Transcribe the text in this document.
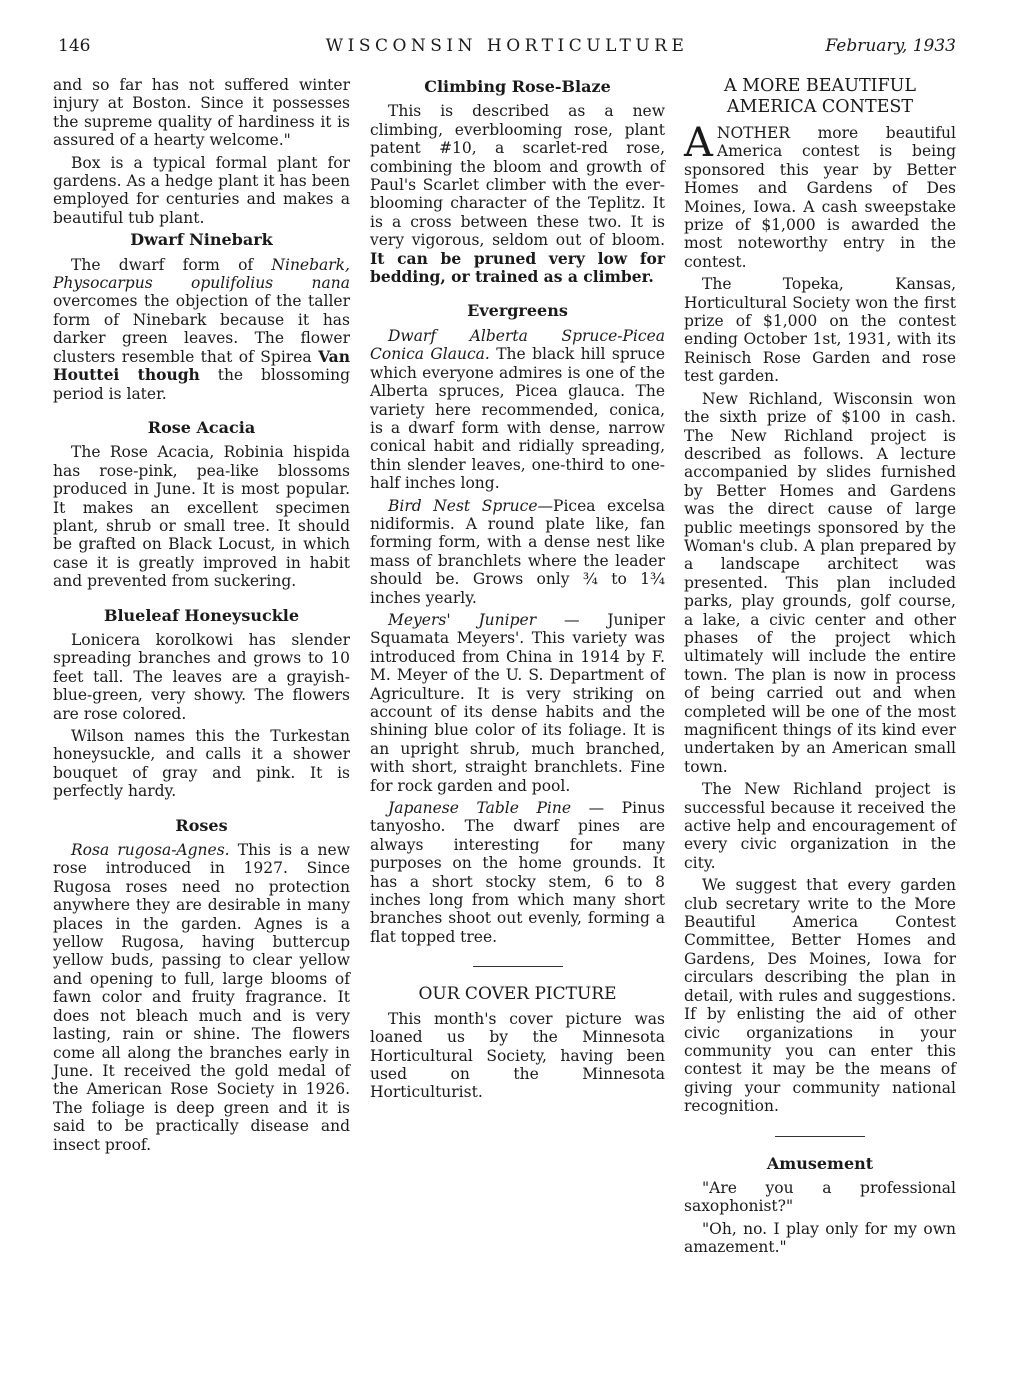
146	WISCONSIN HORTICULTURE	February, 1933

and so far has not suffered winter injury at Boston. Since it possesses the supreme quality of hardiness it is assured of a hearty welcome."

Box is a typical formal plant for gardens. As a hedge plant it has been employed for centuries and makes a beautiful tub plant.

Dwarf Ninebark

The dwarf form of Ninebark, Physocarpus opulifolius nana overcomes the objection of the taller form of Ninebark because it has darker green leaves. The flower clusters resemble that of Spirea Van Houttei though the blossoming period is later.

Rose Acacia

The Rose Acacia, Robinia hispida has rose-pink, pea-like blossoms produced in June. It is most popular. It makes an excellent specimen plant, shrub or small tree. It should be grafted on Black Locust, in which case it is greatly improved in habit and prevented from suckering.

Blueleaf Honeysuckle

Lonicera korolkowi has slender spreading branches and grows to 10 feet tall. The leaves are a grayish-blue-green, very showy. The flowers are rose colored.

Wilson names this the Turkestan honeysuckle, and calls it a shower bouquet of gray and pink. It is perfectly hardy.

Roses

Rosa rugosa-Agnes. This is a new rose introduced in 1927. Since Rugosa roses need no protection anywhere they are desirable in many places in the garden. Agnes is a yellow Rugosa, having buttercup yellow buds, passing to clear yellow and opening to full, large blooms of fawn color and fruity fragrance. It does not bleach much and is very lasting, rain or shine. The flowers come all along the branches early in June. It received the gold medal of the American Rose Society in 1926. The foliage is deep green and it is said to be practically disease and insect proof.

Climbing Rose-Blaze

This is described as a new climbing, everblooming rose, plant patent #10, a scarlet-red rose, combining the bloom and growth of Paul's Scarlet climber with the ever-blooming character of the Teplitz. It is a cross between these two. It is very vigorous, seldom out of bloom. It can be pruned very low for bedding, or trained as a climber.

Evergreens

Dwarf Alberta Spruce-Picea Conica Glauca. The black hill spruce which everyone admires is one of the Alberta spruces, Picea glauca. The variety here recommended, conica, is a dwarf form with dense, narrow conical habit and ridially spreading, thin slender leaves, one-third to one-half inches long.

Bird Nest Spruce—Picea excelsa nidiformis. A round plate like, fan forming form, with a dense nest like mass of branchlets where the leader should be. Grows only ¾ to 1¾ inches yearly.

Meyers' Juniper — Juniper Squamata Meyers'. This variety was introduced from China in 1914 by F. M. Meyer of the U. S. Department of Agriculture. It is very striking on account of its dense habits and the shining blue color of its foliage. It is an upright shrub, much branched, with short, straight branchlets. Fine for rock garden and pool.

Japanese Table Pine — Pinus tanyosho. The dwarf pines are always interesting for many purposes on the home grounds. It has a short stocky stem, 6 to 8 inches long from which many short branches shoot out evenly, forming a flat topped tree.

OUR COVER PICTURE

This month's cover picture was loaned us by the Minnesota Horticultural Society, having been used on the Minnesota Horticulturist.

A MORE BEAUTIFUL
AMERICA CONTEST

ANOTHER more beautiful America contest is being sponsored this year by Better Homes and Gardens of Des Moines, Iowa. A cash sweepstake prize of $1,000 is awarded the most noteworthy entry in the contest.

The Topeka, Kansas, Horticultural Society won the first prize of $1,000 on the contest ending October 1st, 1931, with its Reinisch Rose Garden and rose test garden.

New Richland, Wisconsin won the sixth prize of $100 in cash. The New Richland project is described as follows. A lecture accompanied by slides furnished by Better Homes and Gardens was the direct cause of large public meetings sponsored by the Woman's club. A plan prepared by a landscape architect was presented. This plan included parks, play grounds, golf course, a lake, a civic center and other phases of the project which ultimately will include the entire town. The plan is now in process of being carried out and when completed will be one of the most magnificent things of its kind ever undertaken by an American small town.

The New Richland project is successful because it received the active help and encouragement of every civic organization in the city.

We suggest that every garden club secretary write to the More Beautiful America Contest Committee, Better Homes and Gardens, Des Moines, Iowa for circulars describing the plan in detail, with rules and suggestions. If by enlisting the aid of other civic organizations in your community you can enter this contest it may be the means of giving your community national recognition.

Amusement

"Are you a professional saxophonist?"

"Oh, no. I play only for my own amazement."
